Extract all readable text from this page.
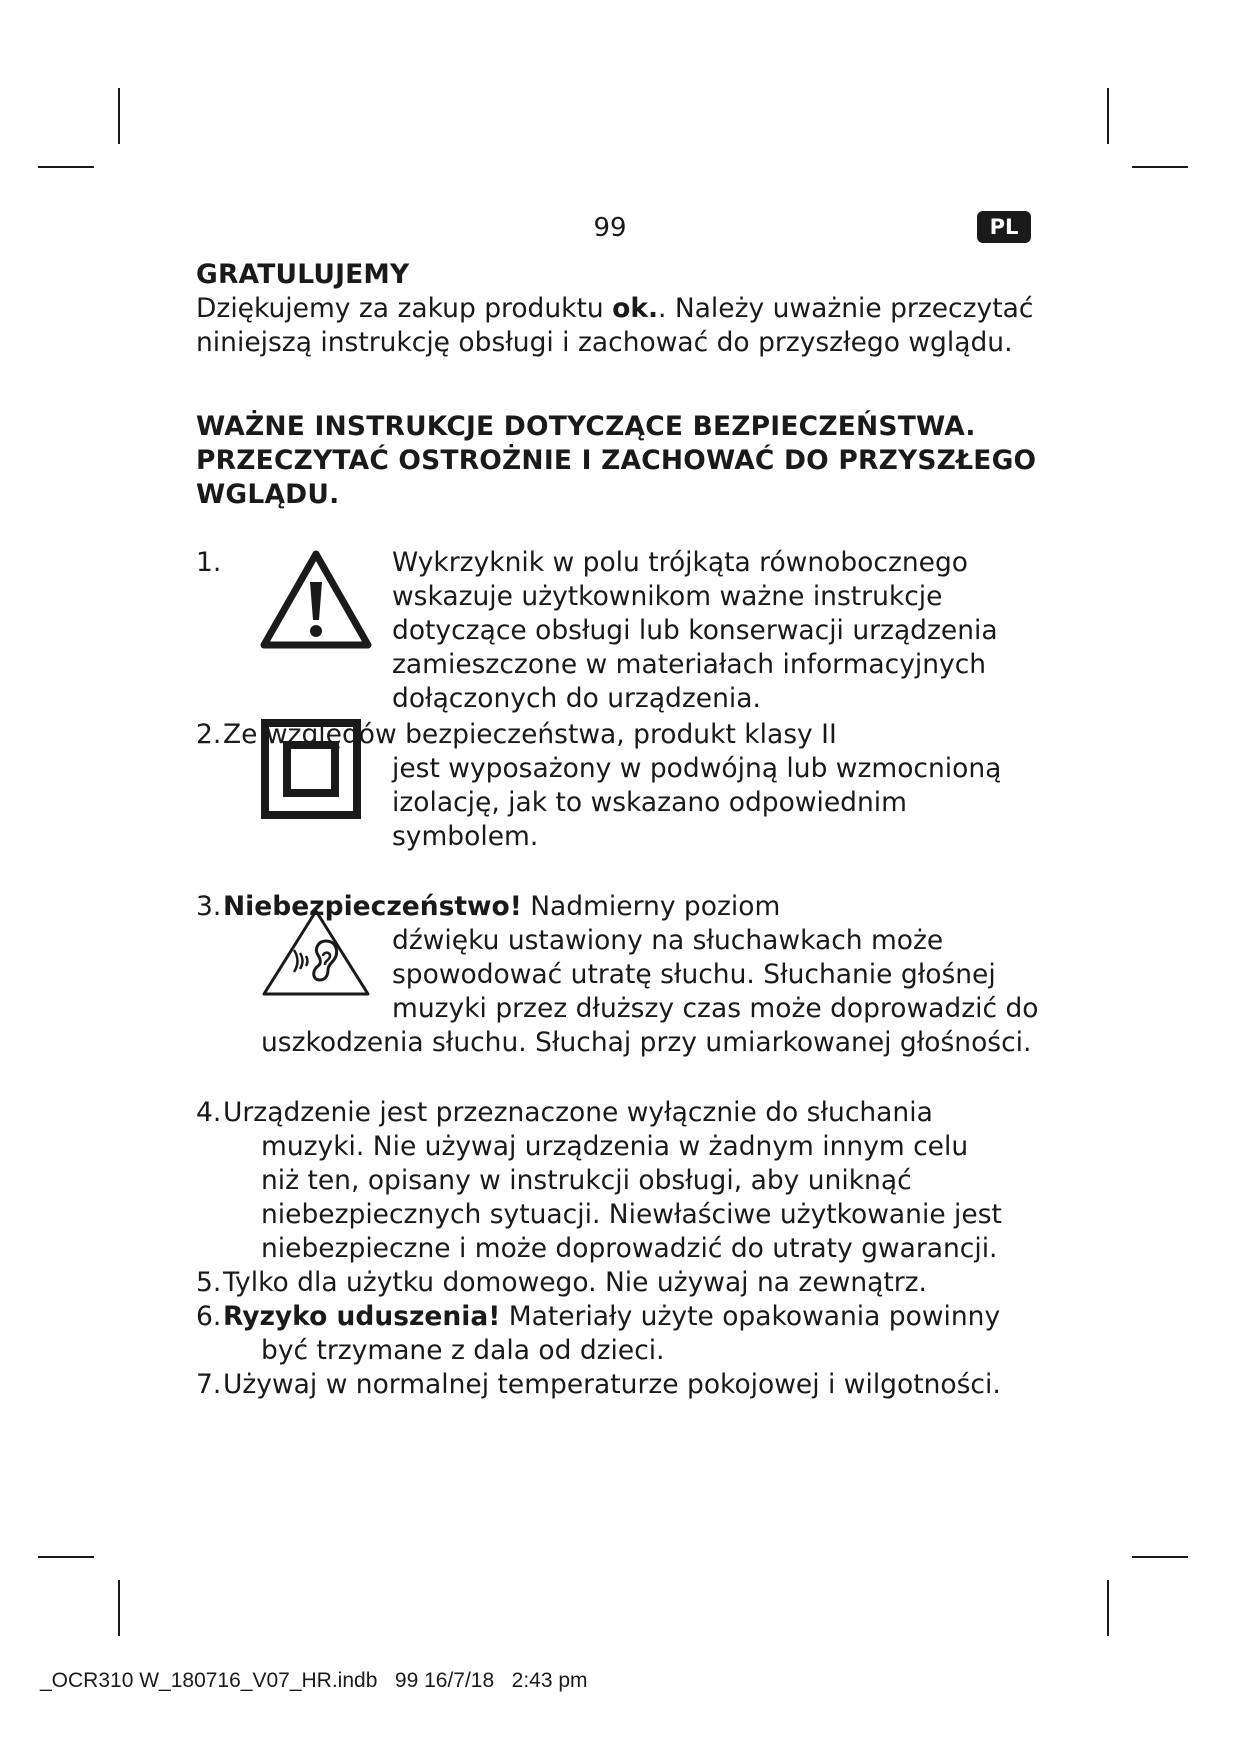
99	PL
GRATULUJEMY

Dziękujemy za zakup produktu ok.. Należy uważnie przeczytać

niniejszą instrukcję obsługi i zachować do przyszłego wglądu.

WAŻNE INSTRUKCJE DOTYCZĄCE BEZPIECZEŃSTWA.
PRZECZYTAĆ OSTROŻNIE I ZACHOWAĆ DO PRZYSZŁEGO
WGLĄDU.
1.	Wykrzyknik w polu trójkąta równobocznego
wskazuje użytkownikom ważne instrukcje
dotyczące obsługi lub konserwacji urządzenia
zamieszczone w materiałach informacyjnych
dołączonych do urządzenia.
2.Ze względów bezpieczeństwa, produkt klasy II
jest wyposażony w podwójną lub wzmocnioną
izolację, jak to wskazano odpowiednim
symbolem.
3.Niebezpieczeństwo! Nadmierny poziom
dźwięku ustawiony na słuchawkach może
spowodować utratę słuchu. Słuchanie głośnej
muzyki przez dłuższy czas może doprowadzić do
uszkodzenia słuchu. Słuchaj przy umiarkowanej głośności.
4.Urządzenie jest przeznaczone wyłącznie do słuchania
muzyki. Nie używaj urządzenia w żadnym innym celu
niż ten, opisany w instrukcji obsługi, aby uniknąć
niebezpiecznych sytuacji. Niewłaściwe użytkowanie jest
niebezpieczne i może doprowadzić do utraty gwarancji.
5.Tylko dla użytku domowego. Nie używaj na zewnątrz.
6.Ryzyko uduszenia! Materiały użyte opakowania powinny
być trzymane z dala od dzieci.
7.Używaj w normalnej temperaturze pokojowej i wilgotności.
_OCR310 W_180716_V07_HR.indb   99 16/7/18   2:43 pm
